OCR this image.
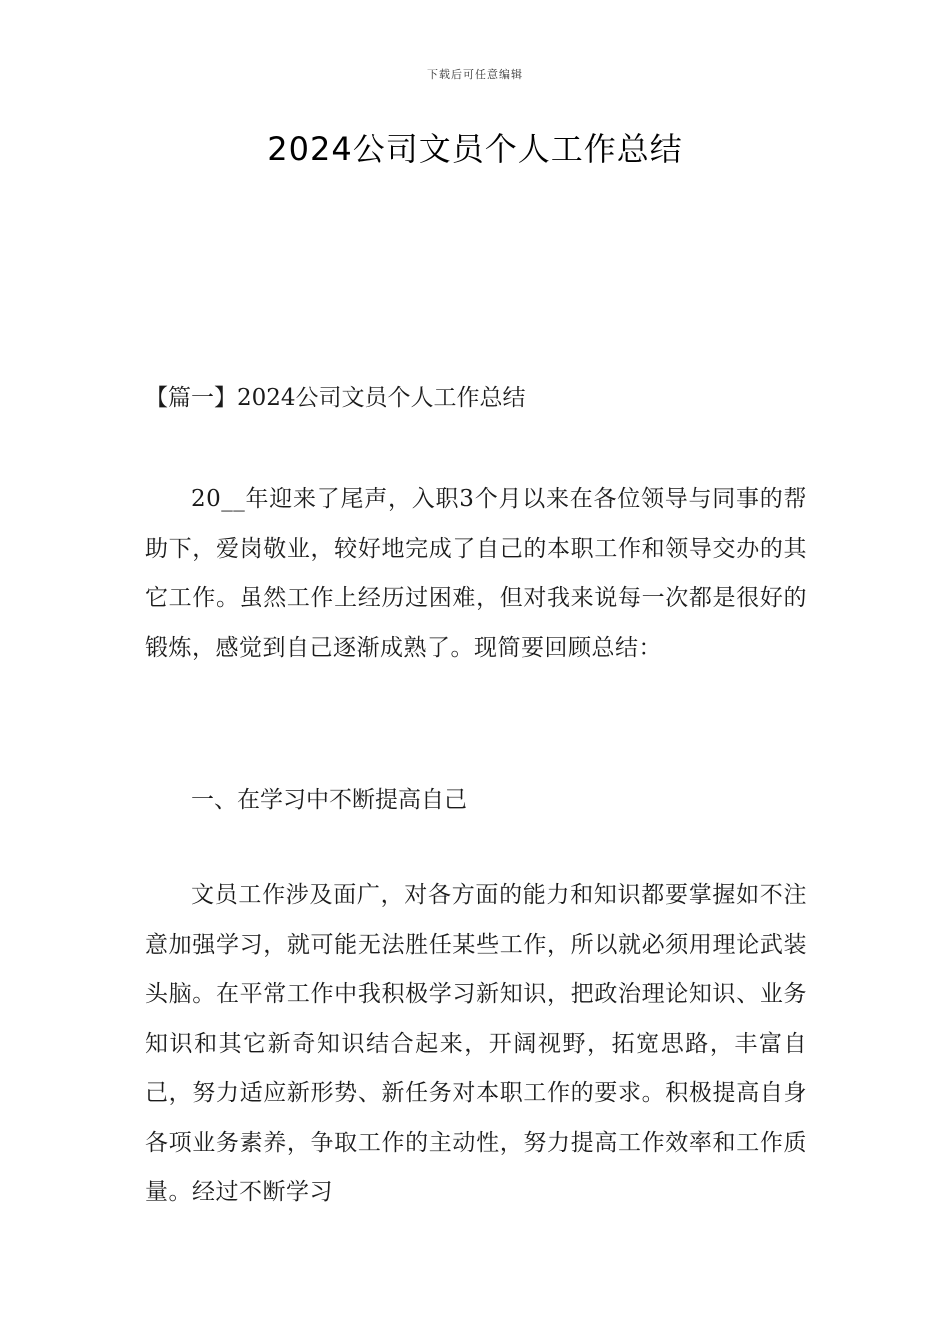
下载后可任意编辑
2024公司文员个人工作总结
【篇一】2024公司文员个人工作总结

20__年迎来了尾声，入职3个月以来在各位领导与同事的帮助下，爱岗敬业，较好地完成了自己的本职工作和领导交办的其它工作。虽然工作上经历过困难，但对我来说每一次都是很好的锻炼，感觉到自己逐渐成熟了。现简要回顾总结：

一、在学习中不断提高自己

文员工作涉及面广，对各方面的能力和知识都要掌握如不注意加强学习，就可能无法胜任某些工作，所以就必须用理论武装头脑。在平常工作中我积极学习新知识，把政治理论知识、业务知识和其它新奇知识结合起来，开阔视野，拓宽思路，丰富自己，努力适应新形势、新任务对本职工作的要求。积极提高自身各项业务素养，争取工作的主动性，努力提高工作效率和工作质量。经过不断学习
